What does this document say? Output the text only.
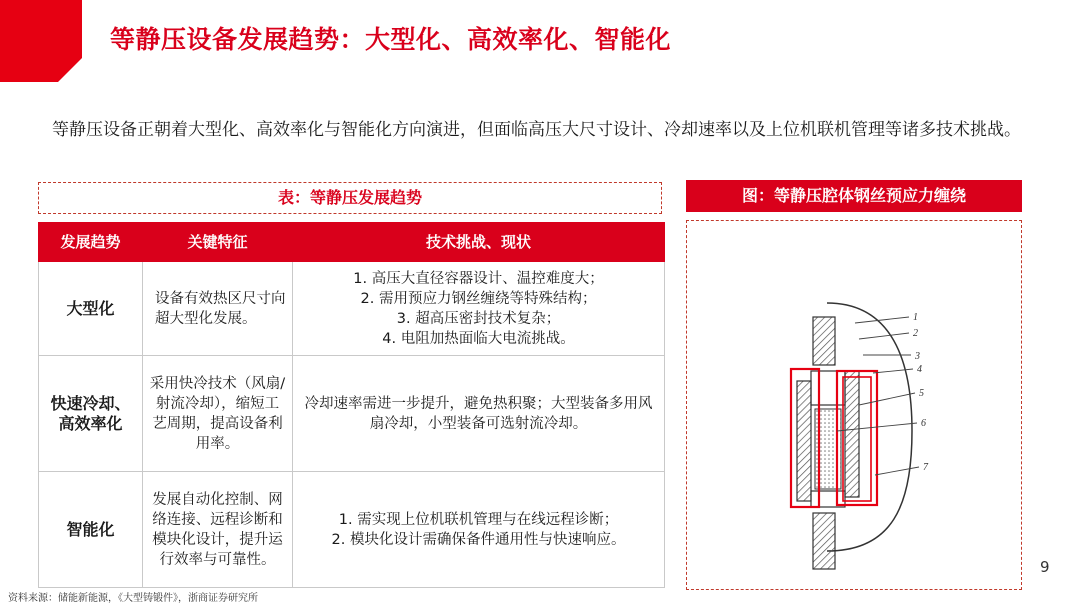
等静压设备发展趋势：大型化、高效率化、智能化
等静压设备正朝着大型化、高效率化与智能化方向演进，但面临高压大尺寸设计、冷却速率以及上位机联机管理等诸多技术挑战。
表：等静压发展趋势
发展趋势	关键特征	技术挑战、现状

大型化	设备有效热区尺寸向超大型化发展。	1. 高压大直径容器设计、温控难度大；
2. 需用预应力钢丝缠绕等特殊结构；
3. 超高压密封技术复杂；
4. 电阻加热面临大电流挑战。

快速冷却、
高效率化	采用快冷技术（风扇/射流冷却），缩短工艺周期，提高设备利用率。	冷却速率需进一步提升，避免热积聚；大型装备多用风扇冷却，小型装备可选射流冷却。

智能化	发展自动化控制、网络连接、远程诊断和模块化设计，提升运行效率与可靠性。	1. 需实现上位机联机管理与在线远程诊断；
2. 模块化设计需确保备件通用性与快速响应。
图：等静压腔体钢丝预应力缠绕
1
2
3
4
5
6
7
9
资料来源：储能新能源，《大型铸锻件》，浙商证券研究所
